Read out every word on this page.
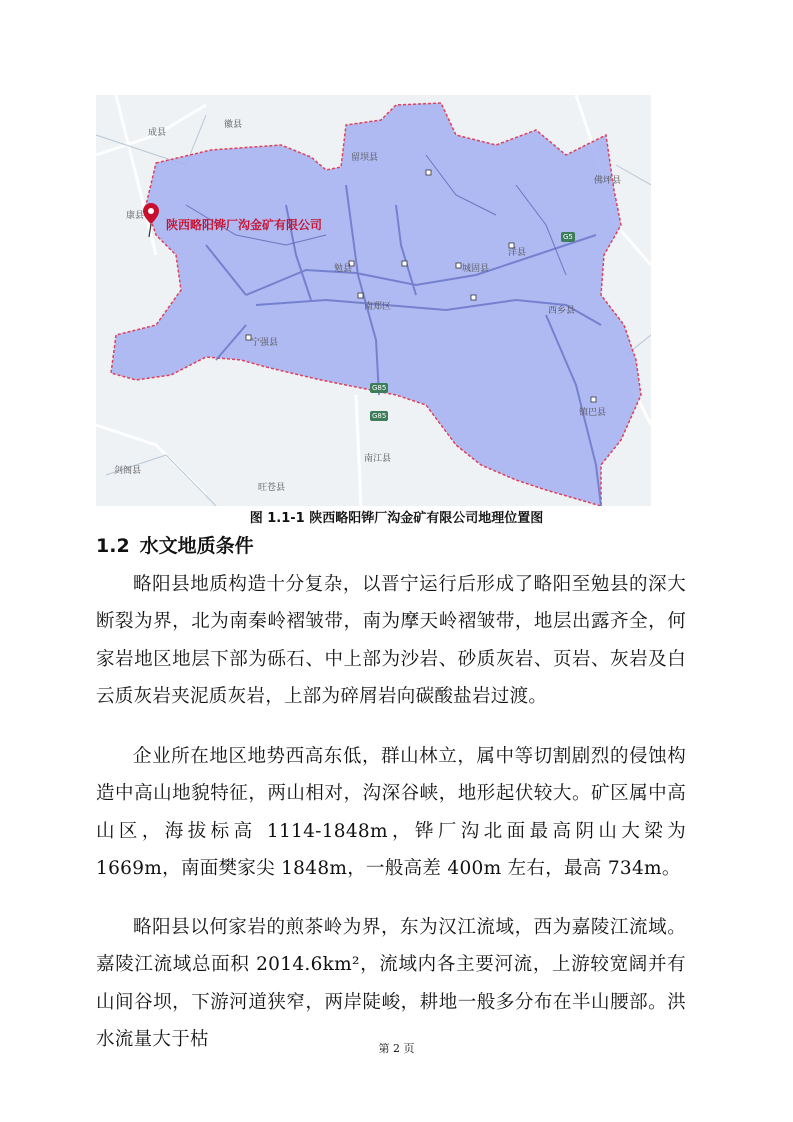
成县
徽县
康县
留坝县
佛坪县
勉县
洋县
城固县
南郑区	西乡县
宁强县
镇巴县
南江县
剑阁县
旺苍县
G5
G85
G85
陕西略阳铧厂沟金矿有限公司
图 1.1-1 陕西略阳铧厂沟金矿有限公司地理位置图
1.2 水文地质条件

略阳县地质构造十分复杂，以晋宁运行后形成了略阳至勉县的深大断裂为界，北为南秦岭褶皱带，南为摩天岭褶皱带，地层出露齐全，何家岩地区地层下部为砾石、中上部为沙岩、砂质灰岩、页岩、灰岩及白云质灰岩夹泥质灰岩，上部为碎屑岩向碳酸盐岩过渡。

企业所在地区地势西高东低，群山林立，属中等切割剧烈的侵蚀构造中高山地貌特征，两山相对，沟深谷峡，地形起伏较大。矿区属中高山区，海拔标高 1114-1848m，铧厂沟北面最高阴山大梁为 1669m，南面樊家尖 1848m，一般高差 400m 左右，最高 734m。

略阳县以何家岩的煎茶岭为界，东为汉江流域，西为嘉陵江流域。嘉陵江流域总面积 2014.6km²，流域内各主要河流，上游较宽阔并有山间谷坝，下游河道狭窄，两岸陡峻，耕地一般多分布在半山腰部。洪水流量大于枯	第 2 页
